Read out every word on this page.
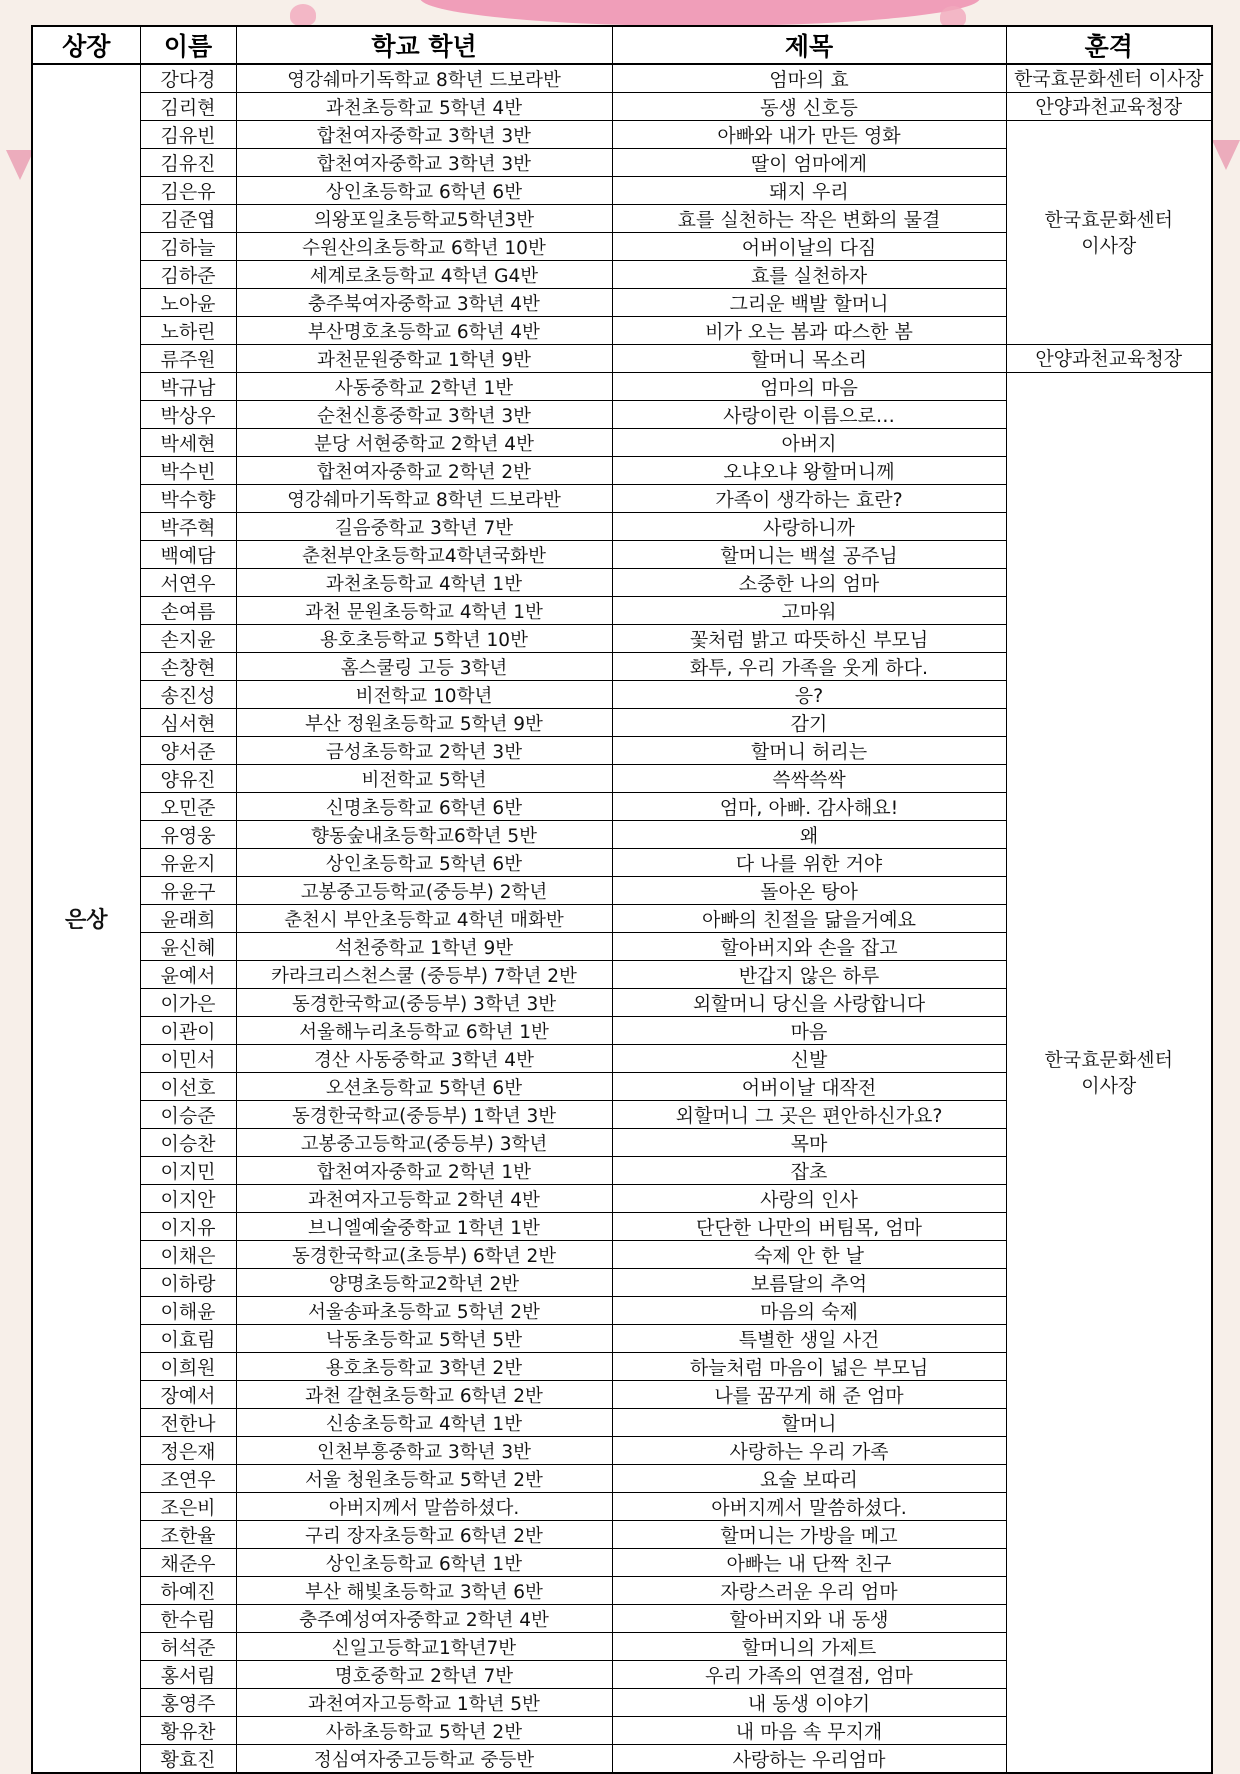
상장	이름	학교 학년	제목	훈격
은상	강다경	영강쉐마기독학교 8학년 드보라반	엄마의 효	한국효문화센터 이사장
	김리현	과천초등학교 5학년 4반	동생 신호등	안양과천교육청장
	김유빈	합천여자중학교 3학년 3반	아빠와 내가 만든 영화	한국효문화센터 이사장
	김유진	합천여자중학교 3학년 3반	딸이 엄마에게	
	김은유	상인초등학교 6학년 6반	돼지 우리	
	김준엽	의왕포일초등학교5학년3반	효를 실천하는 작은 변화의 물결	
	김하늘	수원산의초등학교 6학년 10반	어버이날의 다짐	
	김하준	세계로초등학교 4학년 G4반	효를 실천하자	
	노아윤	충주북여자중학교 3학년 4반	그리운 백발 할머니	
	노하린	부산명호초등학교 6학년 4반	비가 오는 봄과 따스한 봄	
	류주원	과천문원중학교 1학년 9반	할머니 목소리	안양과천교육청장
	박규남	사동중학교 2학년 1반	엄마의 마음	한국효문화센터 이사장
	박상우	순천신흥중학교 3학년 3반	사랑이란 이름으로…	
	박세현	분당 서현중학교 2학년 4반	아버지	
	박수빈	합천여자중학교 2학년 2반	오냐오냐 왕할머니께	
	박수향	영강쉐마기독학교 8학년 드보라반	가족이 생각하는 효란?	
	박주혁	길음중학교 3학년 7반	사랑하니까	
	백예담	춘천부안초등학교4학년국화반	할머니는 백설 공주님	
	서연우	과천초등학교 4학년 1반	소중한 나의 엄마	
	손여름	과천 문원초등학교 4학년 1반	고마워	
	손지윤	용호초등학교 5학년 10반	꽃처럼 밝고 따뜻하신 부모님	
	손창현	홈스쿨링 고등 3학년	화투, 우리 가족을 웃게 하다.	
	송진성	비전학교 10학년	응?	
	심서현	부산 정원초등학교 5학년 9반	감기	
	양서준	금성초등학교 2학년 3반	할머니 허리는	
	양유진	비전학교 5학년	쓱싹쓱싹	
	오민준	신명초등학교 6학년 6반	엄마, 아빠. 감사해요!	
	유영웅	향동숲내초등학교6학년 5반	왜	
	유윤지	상인초등학교 5학년 6반	다 나를 위한 거야	
	유윤구	고봉중고등학교(중등부) 2학년	돌아온 탕아	
	윤래희	춘천시 부안초등학교 4학년 매화반	아빠의 친절을 닮을거예요	
	윤신혜	석천중학교 1학년 9반	할아버지와 손을 잡고	
	윤예서	카라크리스천스쿨 (중등부) 7학년 2반	반갑지 않은 하루	
	이가은	동경한국학교(중등부) 3학년 3반	외할머니 당신을 사랑합니다	
	이관이	서울해누리초등학교 6학년 1반	마음	
	이민서	경산 사동중학교 3학년 4반	신발	
	이선호	오션초등학교 5학년 6반	어버이날 대작전	
	이승준	동경한국학교(중등부) 1학년 3반	외할머니 그 곳은 편안하신가요?	
	이승찬	고봉중고등학교(중등부) 3학년	목마	
	이지민	합천여자중학교 2학년 1반	잡초	
	이지안	과천여자고등학교 2학년 4반	사랑의 인사	
	이지유	브니엘예술중학교 1학년 1반	단단한 나만의 버팀목, 엄마	
	이채은	동경한국학교(초등부) 6학년 2반	숙제 안 한 날	
	이하랑	양명초등학교2학년 2반	보름달의 추억	
	이해윤	서울송파초등학교 5학년 2반	마음의 숙제	
	이효림	낙동초등학교 5학년 5반	특별한 생일 사건	
	이희원	용호초등학교 3학년 2반	하늘처럼 마음이 넓은 부모님	
	장예서	과천 갈현초등학교 6학년 2반	나를 꿈꾸게 해 준 엄마	
	전한나	신송초등학교 4학년 1반	할머니	
	정은재	인천부흥중학교 3학년 3반	사랑하는 우리 가족	
	조연우	서울 청원초등학교 5학년 2반	요술 보따리	
	조은비	아버지께서 말씀하셨다.	아버지께서 말씀하셨다.	
	조한율	구리 장자초등학교 6학년 2반	할머니는 가방을 메고	
	채준우	상인초등학교 6학년 1반	아빠는 내 단짝 친구	
	하예진	부산 해빛초등학교 3학년 6반	자랑스러운 우리 엄마	
	한수림	충주예성여자중학교 2학년 4반	할아버지와 내 동생	
	허석준	신일고등학교1학년7반	할머니의 가제트	
	홍서림	명호중학교 2학년 7반	우리 가족의 연결점, 엄마	
	홍영주	과천여자고등학교 1학년 5반	내 동생 이야기	
	황유찬	사하초등학교 5학년 2반	내 마음 속 무지개	
	황효진	정심여자중고등학교 중등반	사랑하는 우리엄마	
